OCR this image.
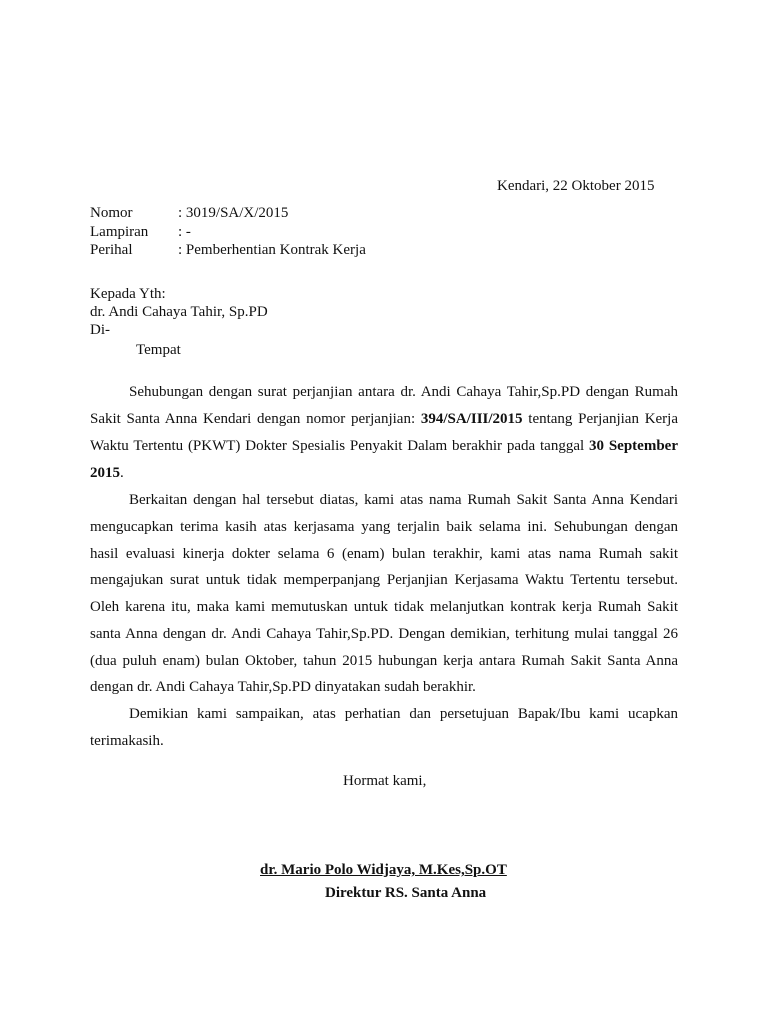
Kendari, 22 Oktober 2015
Nomor	: 3019/SA/X/2015
Lampiran : -
Perihal	: Pemberhentian Kontrak Kerja
Kepada Yth:
dr. Andi Cahaya Tahir, Sp.PD
Di-
Tempat
Sehubungan dengan surat perjanjian antara dr. Andi Cahaya Tahir,Sp.PD dengan Rumah
Sakit Santa Anna Kendari dengan nomor perjanjian: 394/SA/III/2015 tentang Perjanjian Kerja
Waktu Tertentu (PKWT) Dokter Spesialis Penyakit Dalam berakhir pada tanggal 30 September
2015.
Berkaitan dengan hal tersebut diatas, kami atas nama Rumah Sakit Santa Anna Kendari
mengucapkan terima kasih atas kerjasama yang terjalin baik selama ini. Sehubungan dengan
hasil evaluasi kinerja dokter selama 6 (enam) bulan terakhir, kami atas nama Rumah sakit
mengajukan surat untuk tidak memperpanjang Perjanjian Kerjasama Waktu Tertentu tersebut.
Oleh karena itu, maka kami memutuskan untuk tidak melanjutkan kontrak kerja Rumah Sakit
santa Anna dengan dr. Andi Cahaya Tahir,Sp.PD. Dengan demikian, terhitung mulai tanggal 26
(dua puluh enam) bulan Oktober, tahun 2015 hubungan kerja antara Rumah Sakit Santa Anna
dengan dr. Andi Cahaya Tahir,Sp.PD dinyatakan sudah berakhir.
Demikian kami sampaikan, atas perhatian dan persetujuan Bapak/Ibu kami ucapkan
terimakasih.
Hormat kami,
dr. Mario Polo Widjaya, M.Kes,Sp.OT
Direktur RS. Santa Anna
